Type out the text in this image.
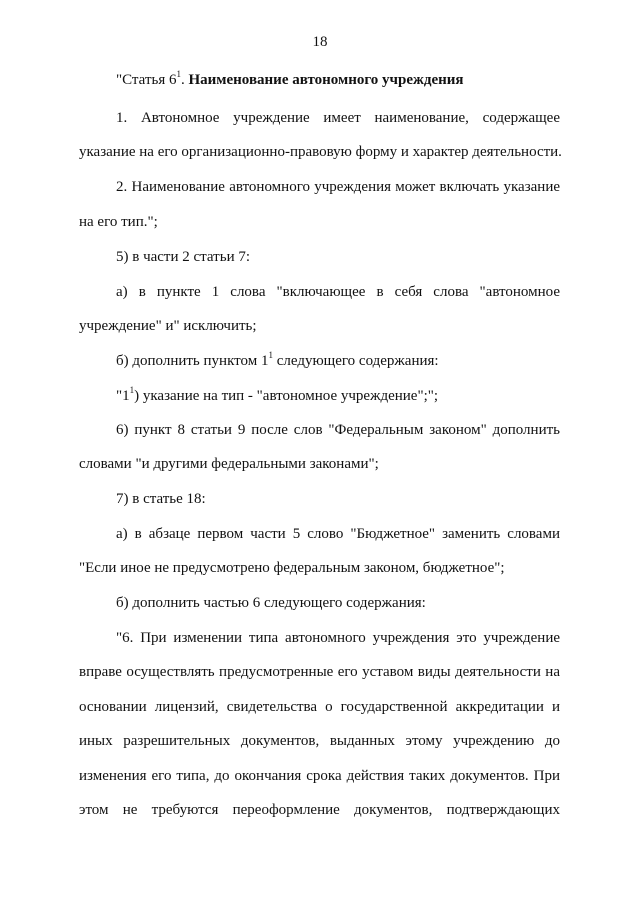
18
"Статья $6^1$. Наименование автономного учреждения
1. Автономное учреждение имеет наименование, содержащее
указание на его организационно-правовую форму и характер деятельности.
2. Наименование автономного учреждения может включать указание
на его тип.";
5) в части 2 статьи 7:
а) в пункте 1 слова "включающее в себя слова "автономное
учреждение" и" исключить;
б) дополнить пунктом $1^1$ следующего содержания:
"$1^1$) указание на тип - "автономное учреждение";";
6) пункт 8 статьи 9 после слов "Федеральным законом" дополнить
словами "и другими федеральными законами";
7) в статье 18:
а) в абзаце первом части 5 слово "Бюджетное" заменить словами
"Если иное не предусмотрено федеральным законом, бюджетное";
б) дополнить частью 6 следующего содержания:
"6. При изменении типа автономного учреждения это учреждение
вправе осуществлять предусмотренные его уставом виды деятельности на
основании лицензий, свидетельства о государственной аккредитации и
иных разрешительных документов, выданных этому учреждению до
изменения его типа, до окончания срока действия таких документов. При
этом не требуются переоформление документов, подтверждающих
